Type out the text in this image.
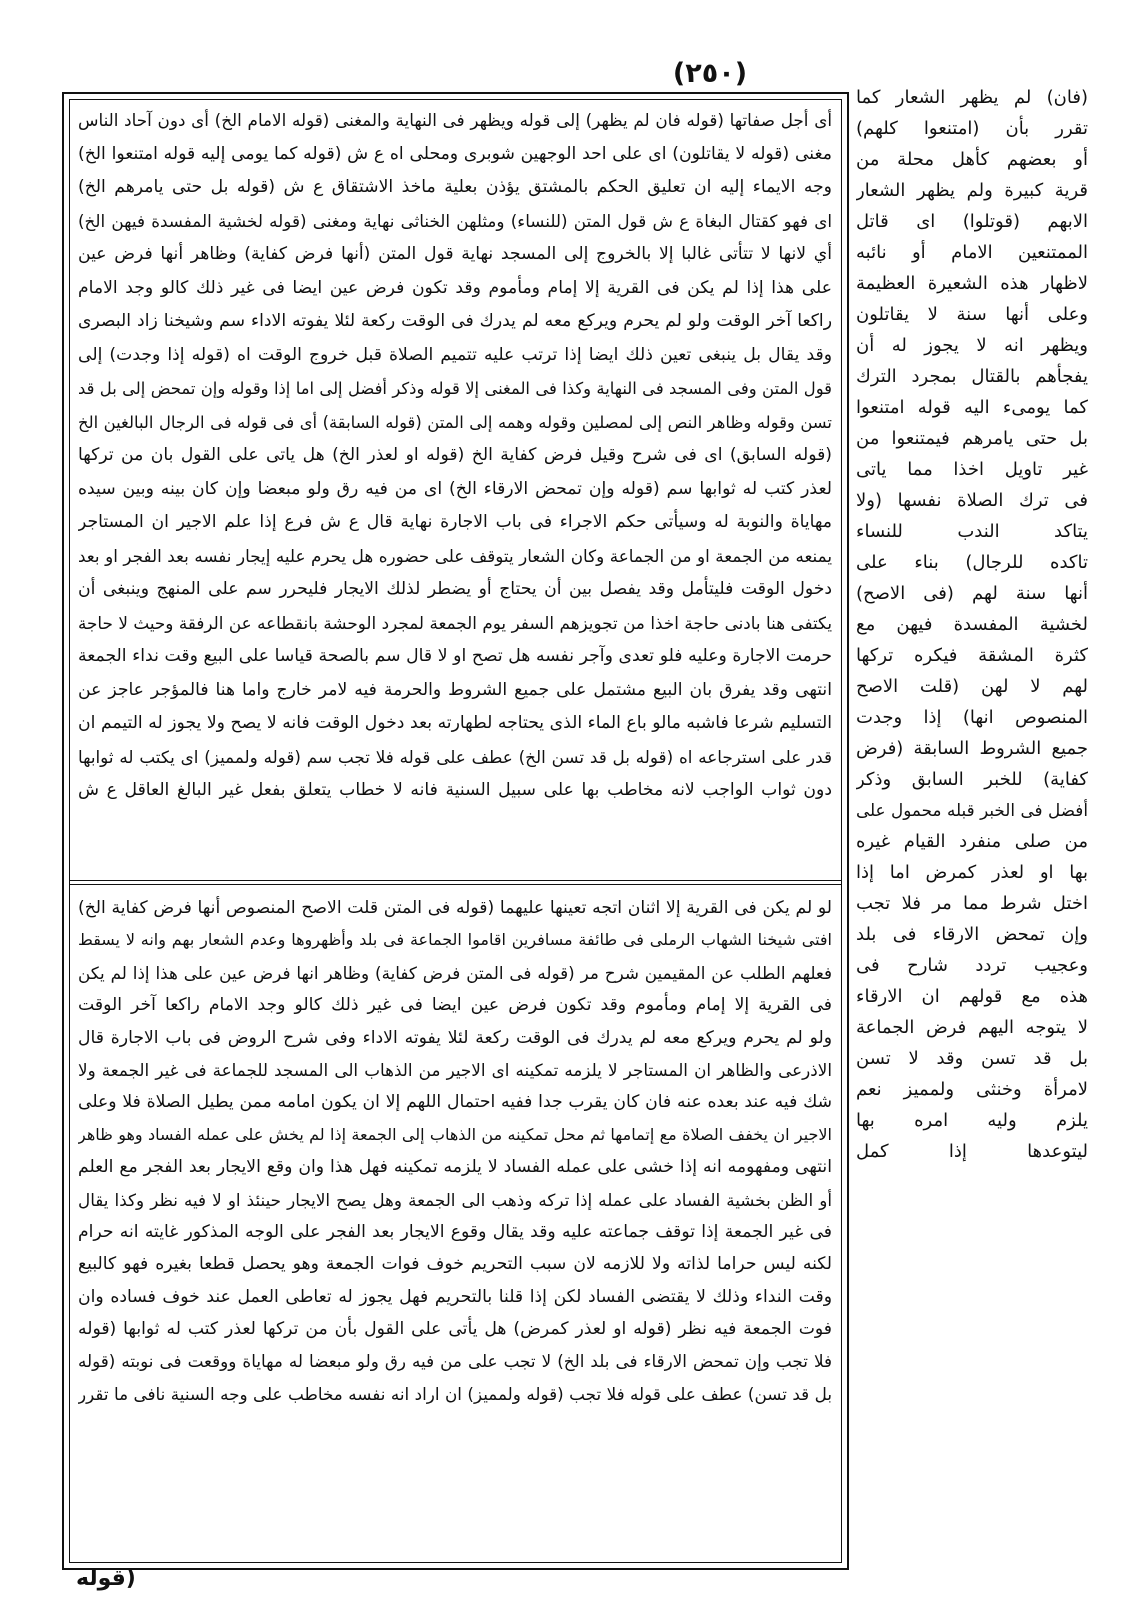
(٢٥٠)

أى أجل صفاتها (قوله فان لم يظهر) إلى قوله ويظهر فى النهاية والمغنى (قوله الامام الخ) أى دون آحاد الناس

مغنى (قوله لا يقاتلون) اى على احد الوجهين شوبرى ومحلى اه ع ش (قوله كما يومى إليه قوله امتنعوا الخ)

وجه الايماء إليه ان تعليق الحكم بالمشتق يؤذن بعلية ماخذ الاشتقاق ع ش (قوله بل حتى يامرهم الخ)

اى فهو كقتال البغاة ع ش قول المتن (للنساء) ومثلهن الخناثى نهاية ومغنى (قوله لخشية المفسدة فيهن الخ)

أي لانها لا تتأتى غالبا إلا بالخروج إلى المسجد نهاية قول المتن (أنها فرض كفاية) وظاهر أنها فرض عين

على هذا إذا لم يكن فى القرية إلا إمام ومأموم وقد تكون فرض عين ايضا فى غير ذلك كالو وجد الامام

راكعا آخر الوقت ولو لم يحرم ويركع معه لم يدرك فى الوقت ركعة لئلا يفوته الاداء سم وشيخنا زاد البصرى

وقد يقال بل ينبغى تعين ذلك ايضا إذا ترتب عليه تتميم الصلاة قبل خروج الوقت اه (قوله إذا وجدت) إلى

قول المتن وفى المسجد فى النهاية وكذا فى المغنى إلا قوله وذكر أفضل إلى اما إذا وقوله وإن تمحض إلى بل قد

تسن وقوله وظاهر النص إلى لمصلين وقوله وهمه إلى المتن (قوله السابقة) أى فى قوله فى الرجال البالغين الخ

(قوله السابق) اى فى شرح وقيل فرض كفاية الخ (قوله او لعذر الخ) هل ياتى على القول بان من تركها

لعذر كتب له ثوابها سم (قوله وإن تمحض الارقاء الخ) اى من فيه رق ولو مبعضا وإن كان بينه وبين سيده

مهاياة والنوبة له وسيأتى حكم الاجراء فى باب الاجارة نهاية قال ع ش فرع إذا علم الاجير ان المستاجر

يمنعه من الجمعة او من الجماعة وكان الشعار يتوقف على حضوره هل يحرم عليه إيجار نفسه بعد الفجر او بعد

دخول الوقت فليتأمل وقد يفصل بين أن يحتاج أو يضطر لذلك الايجار فليحرر سم على المنهج وينبغى أن

يكتفى هنا بادنى حاجة اخذا من تجويزهم السفر يوم الجمعة لمجرد الوحشة بانقطاعه عن الرفقة وحيث لا حاجة

حرمت الاجارة وعليه فلو تعدى وآجر نفسه هل تصح او لا قال سم بالصحة قياسا على البيع وقت نداء الجمعة

انتهى وقد يفرق بان البيع مشتمل على جميع الشروط والحرمة فيه لامر خارج واما هنا فالمؤجر عاجز عن

التسليم شرعا فاشبه مالو باع الماء الذى يحتاجه لطهارته بعد دخول الوقت فانه لا يصح ولا يجوز له التيمم ان

قدر على استرجاعه اه (قوله بل قد تسن الخ) عطف على قوله فلا تجب سم (قوله ولمميز) اى يكتب له ثوابها

دون ثواب الواجب لانه مخاطب بها على سبيل السنية فانه لا خطاب يتعلق بفعل غير البالغ العاقل ع ش

لو لم يكن فى القرية إلا اثنان اتجه تعينها عليهما (قوله فى المتن قلت الاصح المنصوص أنها فرض كفاية الخ)

افتى شيخنا الشهاب الرملى فى طائفة مسافرين اقاموا الجماعة فى بلد وأظهروها وعدم الشعار بهم وانه لا يسقط

فعلهم الطلب عن المقيمين شرح مر (قوله فى المتن فرض كفاية) وظاهر انها فرض عين على هذا إذا لم يكن

فى القرية إلا إمام ومأموم وقد تكون فرض عين ايضا فى غير ذلك كالو وجد الامام راكعا آخر الوقت

ولو لم يحرم ويركع معه لم يدرك فى الوقت ركعة لئلا يفوته الاداء وفى شرح الروض فى باب الاجارة قال

الاذرعى والظاهر ان المستاجر لا يلزمه تمكينه اى الاجير من الذهاب الى المسجد للجماعة فى غير الجمعة ولا

شك فيه عند بعده عنه فان كان يقرب جدا ففيه احتمال اللهم إلا ان يكون امامه ممن يطيل الصلاة فلا وعلى

الاجير ان يخفف الصلاة مع إتمامها ثم محل تمكينه من الذهاب إلى الجمعة إذا لم يخش على عمله الفساد وهو ظاهر

انتهى ومفهومه انه إذا خشى على عمله الفساد لا يلزمه تمكينه فهل هذا وان وقع الايجار بعد الفجر مع العلم

أو الظن بخشية الفساد على عمله إذا تركه وذهب الى الجمعة وهل يصح الايجار حينئذ او لا فيه نظر وكذا يقال

فى غير الجمعة إذا توقف جماعته عليه وقد يقال وقوع الايجار بعد الفجر على الوجه المذكور غايته انه حرام

لكنه ليس حراما لذاته ولا للازمه لان سبب التحريم خوف فوات الجمعة وهو يحصل قطعا بغيره فهو كالبيع

وقت النداء وذلك لا يقتضى الفساد لكن إذا قلنا بالتحريم فهل يجوز له تعاطى العمل عند خوف فساده وان

فوت الجمعة فيه نظر (قوله او لعذر كمرض) هل يأتى على القول بأن من تركها لعذر كتب له ثوابها (قوله

فلا تجب وإن تمحض الارقاء فى بلد الخ) لا تجب على من فيه رق ولو مبعضا له مهاياة ووقعت فى نوبته (قوله

بل قد تسن) عطف على قوله فلا تجب (قوله ولمميز) ان اراد انه نفسه مخاطب على وجه السنية نافى ما تقرر

(فان) لم يظهر الشعار كما

تقرر بأن (امتنعوا كلهم)

أو بعضهم كأهل محلة من

قرية كبيرة ولم يظهر الشعار

الابهم (قوتلوا) اى قاتل

الممتنعين الامام أو نائبه

لاظهار هذه الشعيرة العظيمة

وعلى أنها سنة لا يقاتلون

ويظهر انه لا يجوز له أن

يفجأهم بالقتال بمجرد الترك

كما يومىء اليه قوله امتنعوا

بل حتى يامرهم فيمتنعوا من

غير تاويل اخذا مما ياتى

فى ترك الصلاة نفسها (ولا

يتاكد الندب للنساء

تاكده للرجال) بناء على

أنها سنة لهم (فى الاصح)

لخشية المفسدة فيهن مع

كثرة المشقة فيكره تركها

لهم لا لهن (قلت الاصح

المنصوص انها) إذا وجدت

جميع الشروط السابقة (فرض

كفاية) للخبر السابق وذكر

أفضل فى الخبر قبله محمول على

من صلى منفرد القيام غيره

بها او لعذر كمرض اما إذا

اختل شرط مما مر فلا تجب

وإن تمحض الارقاء فى بلد

وعجيب تردد شارح فى

هذه مع قولهم ان الارقاء

لا يتوجه اليهم فرض الجماعة

بل قد تسن وقد لا تسن

لامرأة وخنثى ولمميز نعم

يلزم وليه امره بها

ليتوعدها إذا كمل

(قوله
